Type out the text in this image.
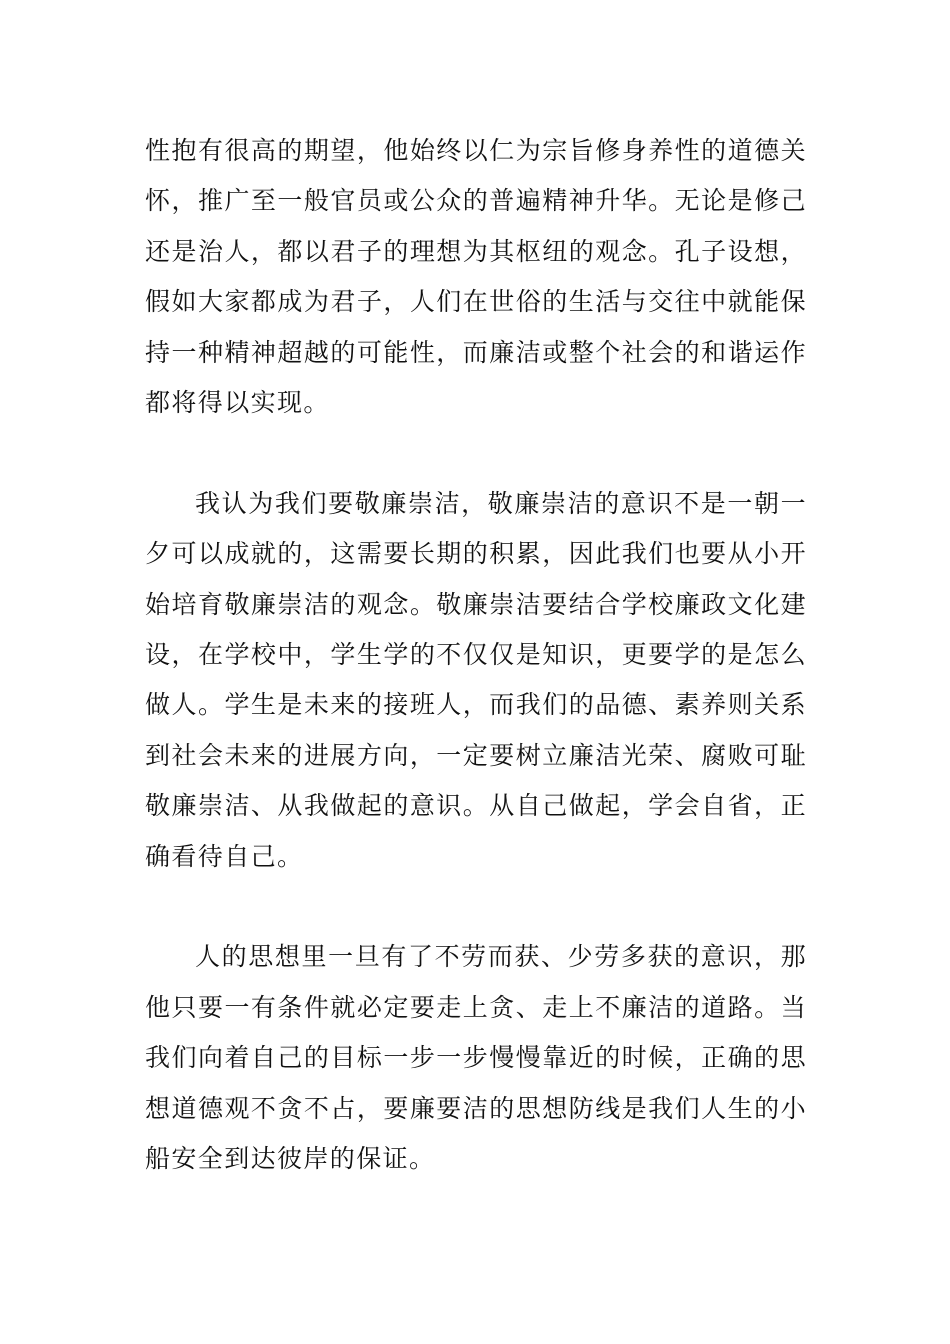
性抱有很高的期望，他始终以仁为宗旨修身养性的道德关怀，推广至一般官员或公众的普遍精神升华。无论是修己还是治人，都以君子的理想为其枢纽的观念。孔子设想，假如大家都成为君子，人们在世俗的生活与交往中就能保持一种精神超越的可能性，而廉洁或整个社会的和谐运作都将得以实现。

我认为我们要敬廉崇洁，敬廉崇洁的意识不是一朝一夕可以成就的，这需要长期的积累，因此我们也要从小开始培育敬廉崇洁的观念。敬廉崇洁要结合学校廉政文化建设，在学校中，学生学的不仅仅是知识，更要学的是怎么做人。学生是未来的接班人，而我们的品德、素养则关系到社会未来的进展方向，一定要树立廉洁光荣、腐败可耻敬廉崇洁、从我做起的意识。从自己做起，学会自省，正确看待自己。

人的思想里一旦有了不劳而获、少劳多获的意识，那他只要一有条件就必定要走上贪、走上不廉洁的道路。当我们向着自己的目标一步一步慢慢靠近的时候，正确的思想道德观不贪不占，要廉要洁的思想防线是我们人生的小船安全到达彼岸的保证。
